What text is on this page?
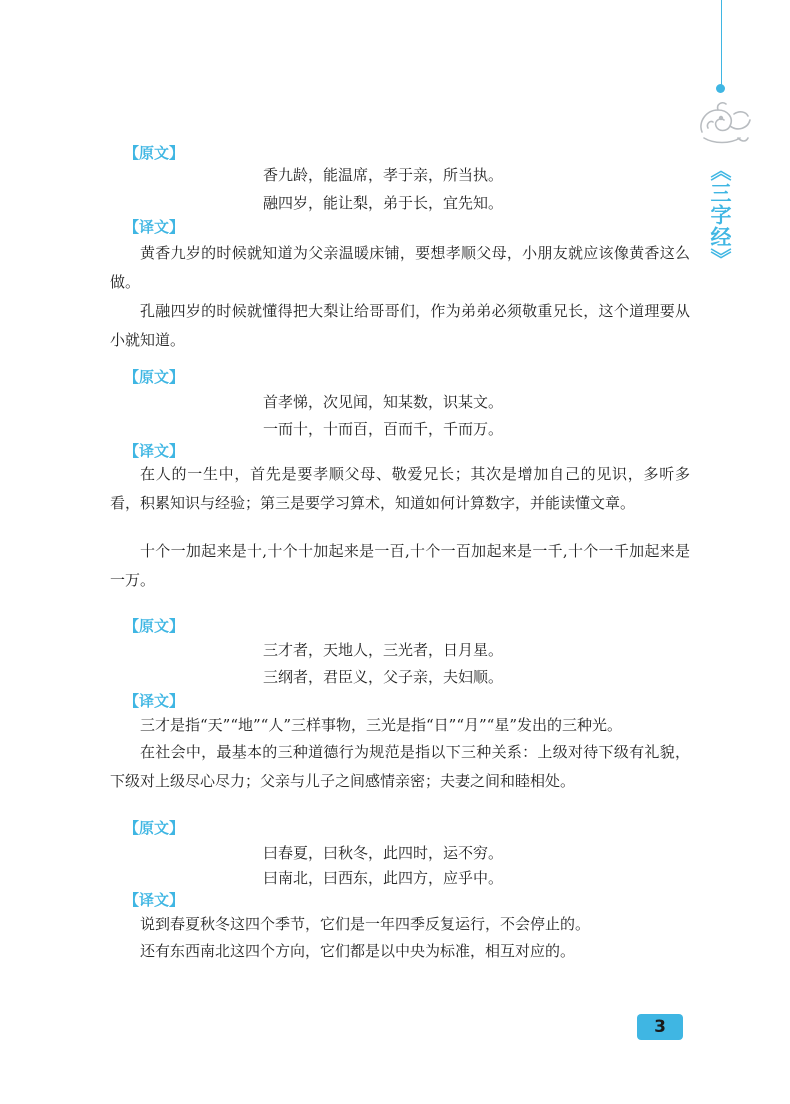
《三字经》
【原文】
香九龄，能温席，孝于亲，所当执。
融四岁，能让梨，弟于长，宜先知。
【译文】

黄香九岁的时候就知道为父亲温暖床铺，要想孝顺父母，小朋友就应该像黄香这么做。

孔融四岁的时候就懂得把大梨让给哥哥们，作为弟弟必须敬重兄长，这个道理要从小就知道。

【原文】
首孝悌，次见闻，知某数，识某文。
一而十，十而百，百而千，千而万。
【译文】

在人的一生中，首先是要孝顺父母、敬爱兄长；其次是增加自己的见识，多听多看，积累知识与经验；第三是要学习算术，知道如何计算数字，并能读懂文章。

十个一加起来是十,十个十加起来是一百,十个一百加起来是一千,十个一千加起来是一万。

【原文】
三才者，天地人，三光者，日月星。
三纲者，君臣义，父子亲，夫妇顺。
【译文】

三才是指“天”“地”“人”三样事物，三光是指“日”“月”“星”发出的三种光。

在社会中，最基本的三种道德行为规范是指以下三种关系：上级对待下级有礼貌，下级对上级尽心尽力；父亲与儿子之间感情亲密；夫妻之间和睦相处。

【原文】
曰春夏，曰秋冬，此四时，运不穷。
曰南北，曰西东，此四方，应乎中。
【译文】

说到春夏秋冬这四个季节，它们是一年四季反复运行，不会停止的。

还有东西南北这四个方向，它们都是以中央为标准，相互对应的。

3
